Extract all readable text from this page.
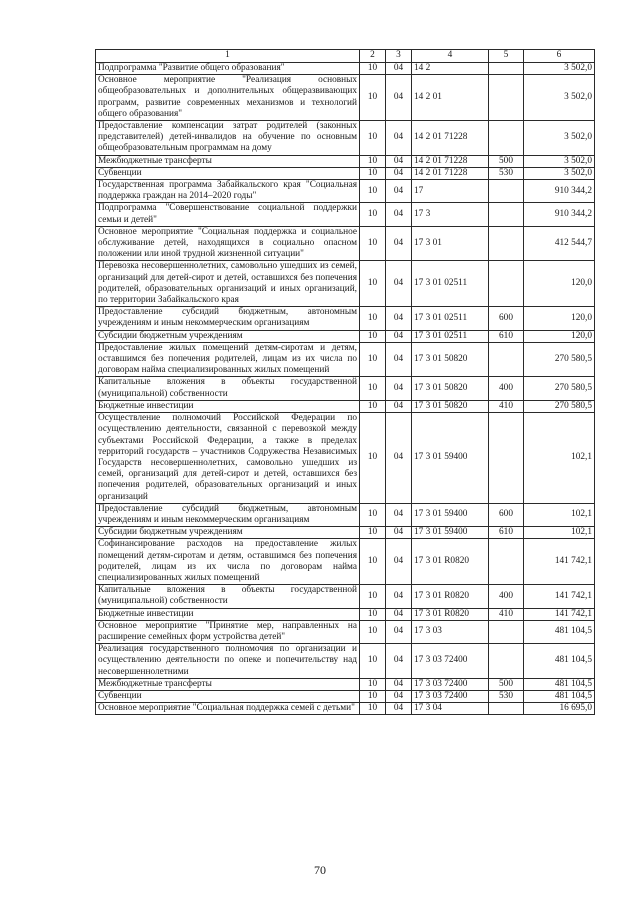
1	2	3	4	5	6
Подпрограмма "Развитие общего образования"	10	04	14 2		3 502,0
Основное мероприятие "Реализация основных общеобразовательных и дополнительных общеразвивающих программ, развитие современных механизмов и технологий общего образования"	10	04	14 2 01		3 502,0
Предоставление компенсации затрат родителей (законных представителей) детей-инвалидов на обучение по основным общеобразовательным программам на дому	10	04	14 2 01 71228		3 502,0
Межбюджетные трансферты	10	04	14 2 01 71228	500	3 502,0
Субвенции	10	04	14 2 01 71228	530	3 502,0
Государственная программа Забайкальского края "Социальная поддержка граждан на 2014–2020 годы"	10	04	17		910 344,2
Подпрограмма "Совершенствование социальной поддержки семьи и детей"	10	04	17 3		910 344,2
Основное мероприятие "Социальная поддержка и социальное обслуживание детей, находящихся в социально опасном положении или иной трудной жизненной ситуации"	10	04	17 3 01		412 544,7
Перевозка несовершеннолетних, самовольно ушедших из семей, организаций для детей-сирот и детей, оставшихся без попечения родителей, образовательных организаций и иных организаций, по территории Забайкальского края	10	04	17 3 01 02511		120,0
Предоставление субсидий бюджетным, автономным учреждениям и иным некоммерческим организациям	10	04	17 3 01 02511	600	120,0
Субсидии бюджетным учреждениям	10	04	17 3 01 02511	610	120,0
Предоставление жилых помещений детям-сиротам и детям, оставшимся без попечения родителей, лицам из их числа по договорам найма специализированных жилых помещений	10	04	17 3 01 50820		270 580,5
Капитальные вложения в объекты государственной (муниципальной) собственности	10	04	17 3 01 50820	400	270 580,5
Бюджетные инвестиции	10	04	17 3 01 50820	410	270 580,5
Осуществление полномочий Российской Федерации по осуществлению деятельности, связанной с перевозкой между субъектами Российской Федерации, а также в пределах территорий государств – участников Содружества Независимых Государств несовершеннолетних, самовольно ушедших из семей, организаций для детей-сирот и детей, оставшихся без попечения родителей, образовательных организаций и иных организаций	10	04	17 3 01 59400		102,1
Предоставление субсидий бюджетным, автономным учреждениям и иным некоммерческим организациям	10	04	17 3 01 59400	600	102,1
Субсидии бюджетным учреждениям	10	04	17 3 01 59400	610	102,1
Софинансирование расходов на предоставление жилых помещений детям-сиротам и детям, оставшимся без попечения родителей, лицам из их числа по договорам найма специализированных жилых помещений	10	04	17 3 01 R0820		141 742,1
Капитальные вложения в объекты государственной (муниципальной) собственности	10	04	17 3 01 R0820	400	141 742,1
Бюджетные инвестиции	10	04	17 3 01 R0820	410	141 742,1
Основное мероприятие "Принятие мер, направленных на расширение семейных форм устройства детей"	10	04	17 3 03		481 104,5
Реализация государственного полномочия по организации и осуществлению деятельности по опеке и попечительству над несовершеннолетними	10	04	17 3 03 72400		481 104,5
Межбюджетные трансферты	10	04	17 3 03 72400	500	481 104,5
Субвенции	10	04	17 3 03 72400	530	481 104,5
Основное мероприятие "Социальная поддержка семей с детьми"	10	04	17 3 04		16 695,0
70
